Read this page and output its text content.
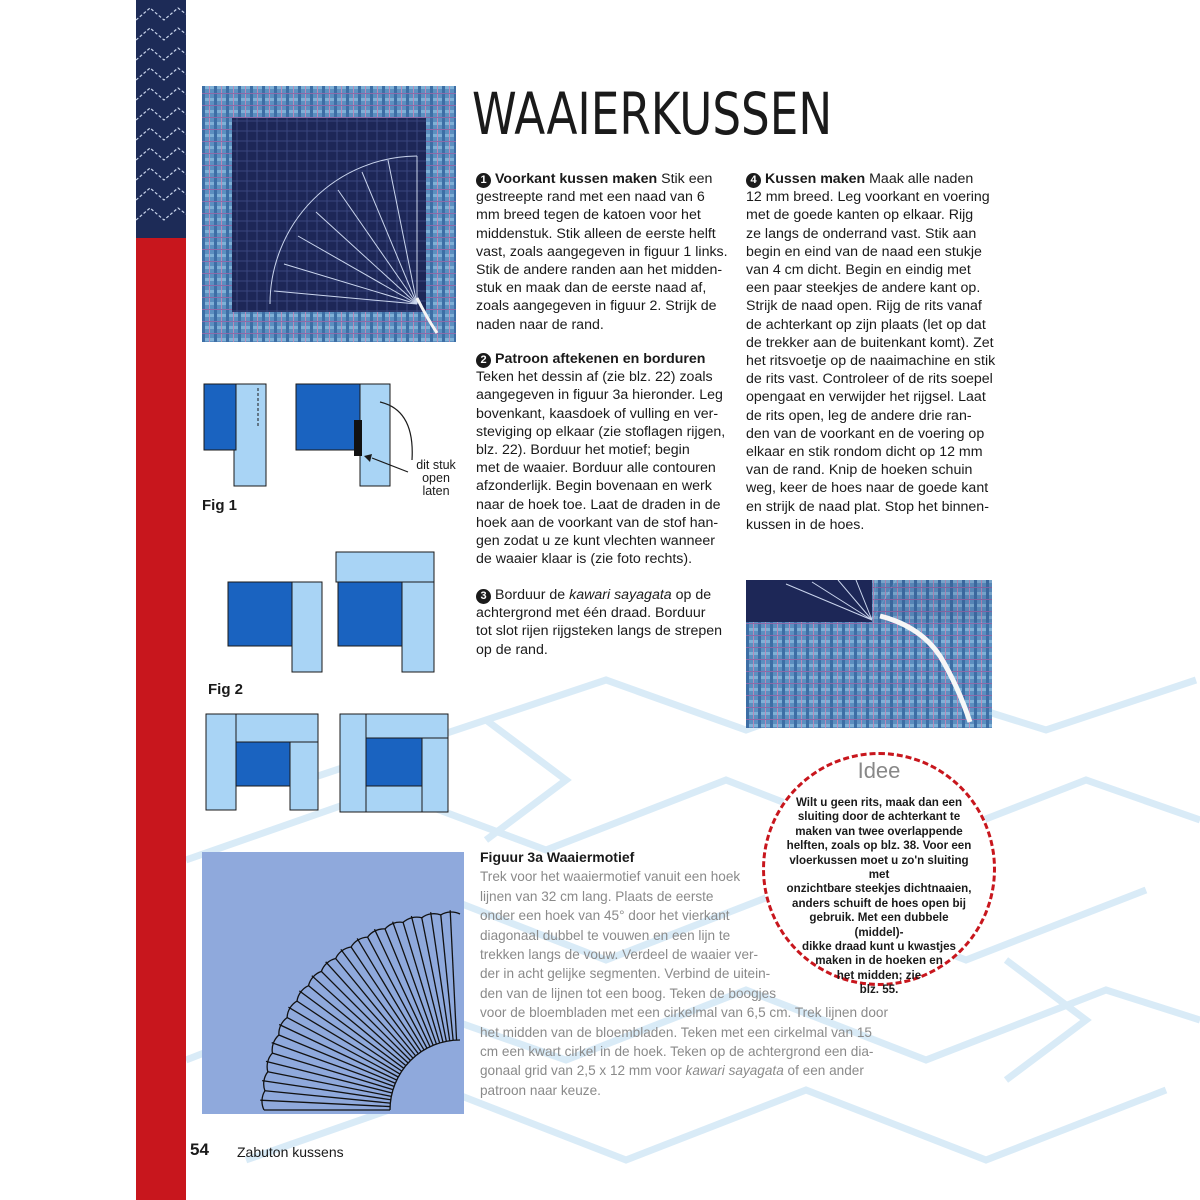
WAAIERKUSSEN
dit stuk
open
laten
Fig 1
Fig 2
1 Voorkant kussen maken Stik een
gestreepte rand met een naad van 6
mm breed tegen de katoen voor het
middenstuk. Stik alleen de eerste helft
vast, zoals aangegeven in figuur 1 links.
Stik de andere randen aan het midden-
stuk en maak dan de eerste naad af,
zoals aangegeven in figuur 2. Strijk de
naden naar de rand.
2 Patroon aftekenen en borduren
Teken het dessin af (zie blz. 22) zoals
aangegeven in figuur 3a hieronder. Leg
bovenkant, kaasdoek of vulling en ver-
steviging op elkaar (zie stoflagen rijgen,
blz. 22). Borduur het motief; begin
met de waaier. Borduur alle contouren
afzonderlijk. Begin bovenaan en werk
naar de hoek toe. Laat de draden in de
hoek aan de voorkant van de stof han-
gen zodat u ze kunt vlechten wanneer
de waaier klaar is (zie foto rechts).
3 Borduur de kawari sayagata op de
achtergrond met één draad. Borduur
tot slot rijen rijgsteken langs de strepen
op de rand.
4 Kussen maken Maak alle naden
12 mm breed. Leg voorkant en voering
met de goede kanten op elkaar. Rijg
ze langs de onderrand vast. Stik aan
begin en eind van de naad een stukje
van 4 cm dicht. Begin en eindig met
een paar steekjes de andere kant op.
Strijk de naad open. Rijg de rits vanaf
de achterkant op zijn plaats (let op dat
de trekker aan de buitenkant komt). Zet
het ritsvoetje op de naaimachine en stik
de rits vast. Controleer of de rits soepel
opengaat en verwijder het rijgsel. Laat
de rits open, leg de andere drie ran-
den van de voorkant en de voering op
elkaar en stik rondom dicht op 12 mm
van de rand. Knip de hoeken schuin
weg, keer de hoes naar de goede kant
en strijk de naad plat. Stop het binnen-
kussen in de hoes.
Idee
Wilt u geen rits, maak dan een
sluiting door de achterkant te
maken van twee overlappende
helften, zoals op blz. 38. Voor een
vloerkussen moet u zo'n sluiting met
onzichtbare steekjes dichtnaaien,
anders schuift de hoes open bij
gebruik. Met een dubbele (middel)-
dikke draad kunt u kwastjes
maken in de hoeken en
het midden; zie
blz. 55.
Figuur 3a Waaiermotief
Trek voor het waaiermotief vanuit een hoek
lijnen van 32 cm lang. Plaats de eerste
onder een hoek van 45° door het vierkant
diagonaal dubbel te vouwen en een lijn te
trekken langs de vouw. Verdeel de waaier ver-
der in acht gelijke segmenten. Verbind de uitein-
den van de lijnen tot een boog. Teken de boogjes
voor de bloembladen met een cirkelmal van 6,5 cm. Trek lijnen door
het midden van de bloembladen. Teken met een cirkelmal van 15
cm een kwart cirkel in de hoek. Teken op de achtergrond een dia-
gonaal grid van 2,5 x 12 mm voor kawari sayagata of een ander
patroon naar keuze.
54 Zabuton kussens
